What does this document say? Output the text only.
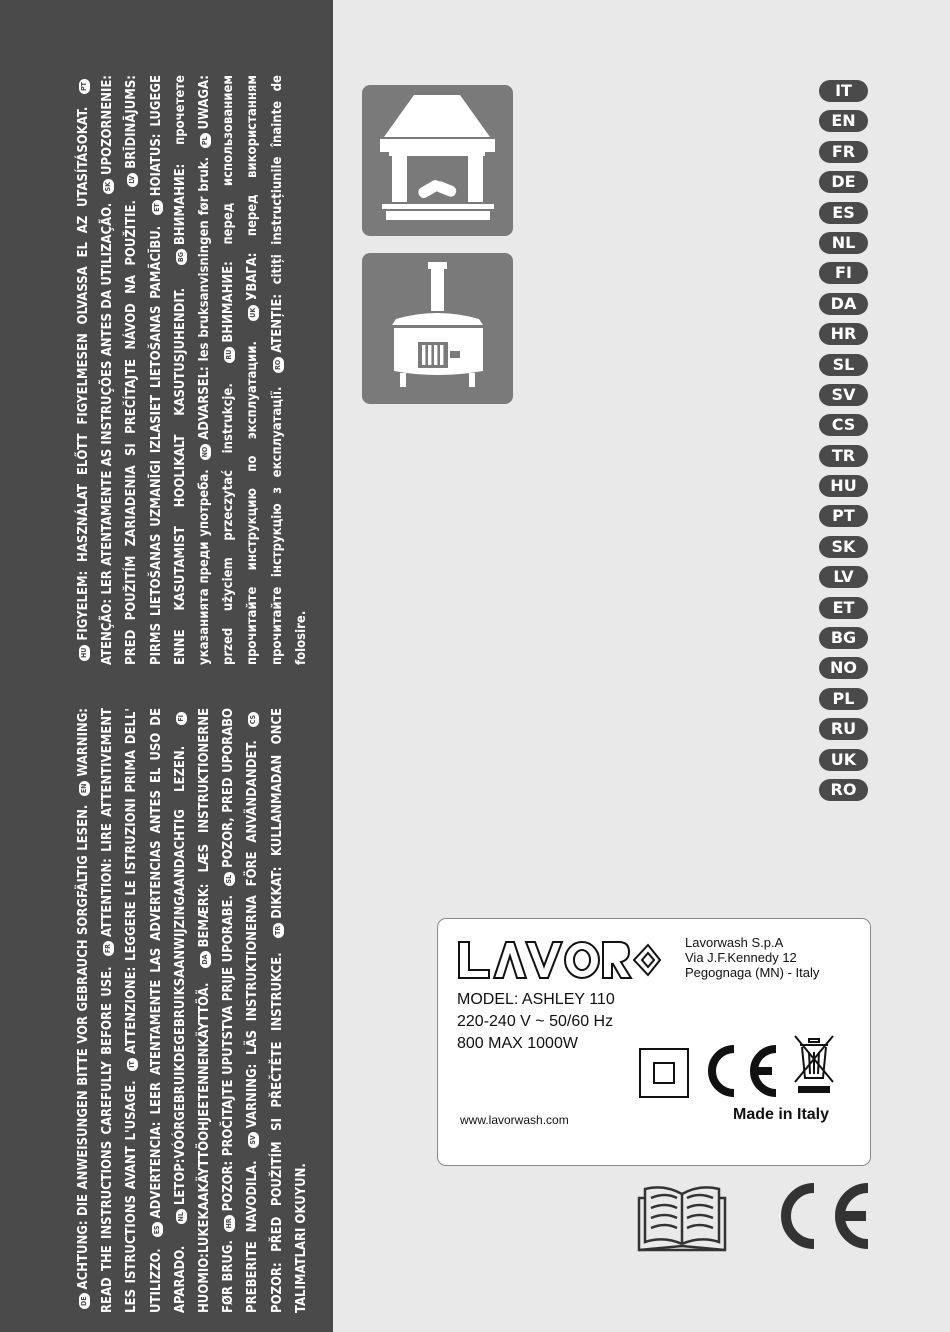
DEACHTUNG: DIE ANWEISUNGEN BITTE VOR GEBRAUCH SORGFÄLTIG LESEN. ENWARNING: READ THE INSTRUCTIONS CAREFULLY BEFORE USE. FRATTENTION: LIRE ATTENTIVEMENT LES ISTRUCTIONS AVANT L'USAGE. ITATTENZIONE: LEGGERE LE ISTRUZIONI PRIMA DELL' UTILIZZO. ESADVERTENCIA: LEER ATENTAMENTE LAS ADVERTENCIAS ANTES EL USO DE APARADO. NLLETOP:VÓÓRGEBRUIKDEGEBRUIKSAANWIJZINGAANDACHTIG LEZEN. FIHUOMIO:LUKEKAAKÄYTTÖOHJEETENNENKÄYTTÖÄ. DABEMÆRK: LÆS INSTRUKTIONERNE FØR BRUG. HRPOZOR: PROČITAJTE UPUTSTVA PRIJE UPORABE. SLPOZOR, PRED UPORABO PREBERITE NAVODILA. SVVARNING: LÄS INSTRUKTIONERNA FÖRE ANVÄNDANDET. CSPOZOR: PŘED POUŽITÍM SI PŘEČTĚTE INSTRUKCE. TRDIKKAT: KULLANMADAN ONCE TALIMATLARI OKUYUN.
HUFIGYELEM: HASZNÁLAT ELŐTT FIGYELMESEN OLVASSA EL AZ UTASÍTÁSOKAT. PTATENÇÃO: LER ATENTAMENTE AS INSTRUÇÕES ANTES DA UTILIZAÇÃO. SKUPOZORNENIE: PRED POUŽITÍM ZARIADENIA SI PREČÍTAJTE NÁVOD NA POUŽITIE. LVBRĪDINĀJUMS: PIRMS LIETOŠANAS UZMANĪGI IZLASIET LIETOŠANAS PAMĀCĪBU. ETHOIATUS: LUGEGE ENNE KASUTAMIST HOOLIKALT KASUTUSJUHENDIT. BGВНИМАНИЕ: прочетете указанията преди употреба. NOADVARSEL: les bruksanvisningen før bruk. PLUWAGA: przed użyciem przeczytać instrukcje. RUВНИМАНИЕ: перед использованием прочитайте инструкцию по эксплуатации. UKУВАГА: перед використанням прочитайте інструкцію з експлуатації. ROATENȚIE: citiți instrucțiunile înainte de folosire.
IT
EN
FR
DE
ES
NL
FI
DA
HR
SL
SV
CS
TR
HU
PT
SK
LV
ET
BG
NO
PL
RU
UK
RO
Lavorwash S.p.A
Via J.F.Kennedy 12
Pegognaga (MN) - Italy
MODEL: ASHLEY 110
220-240 V ~ 50/60 Hz
800 MAX 1000W
Made in Italy
www.lavorwash.com
